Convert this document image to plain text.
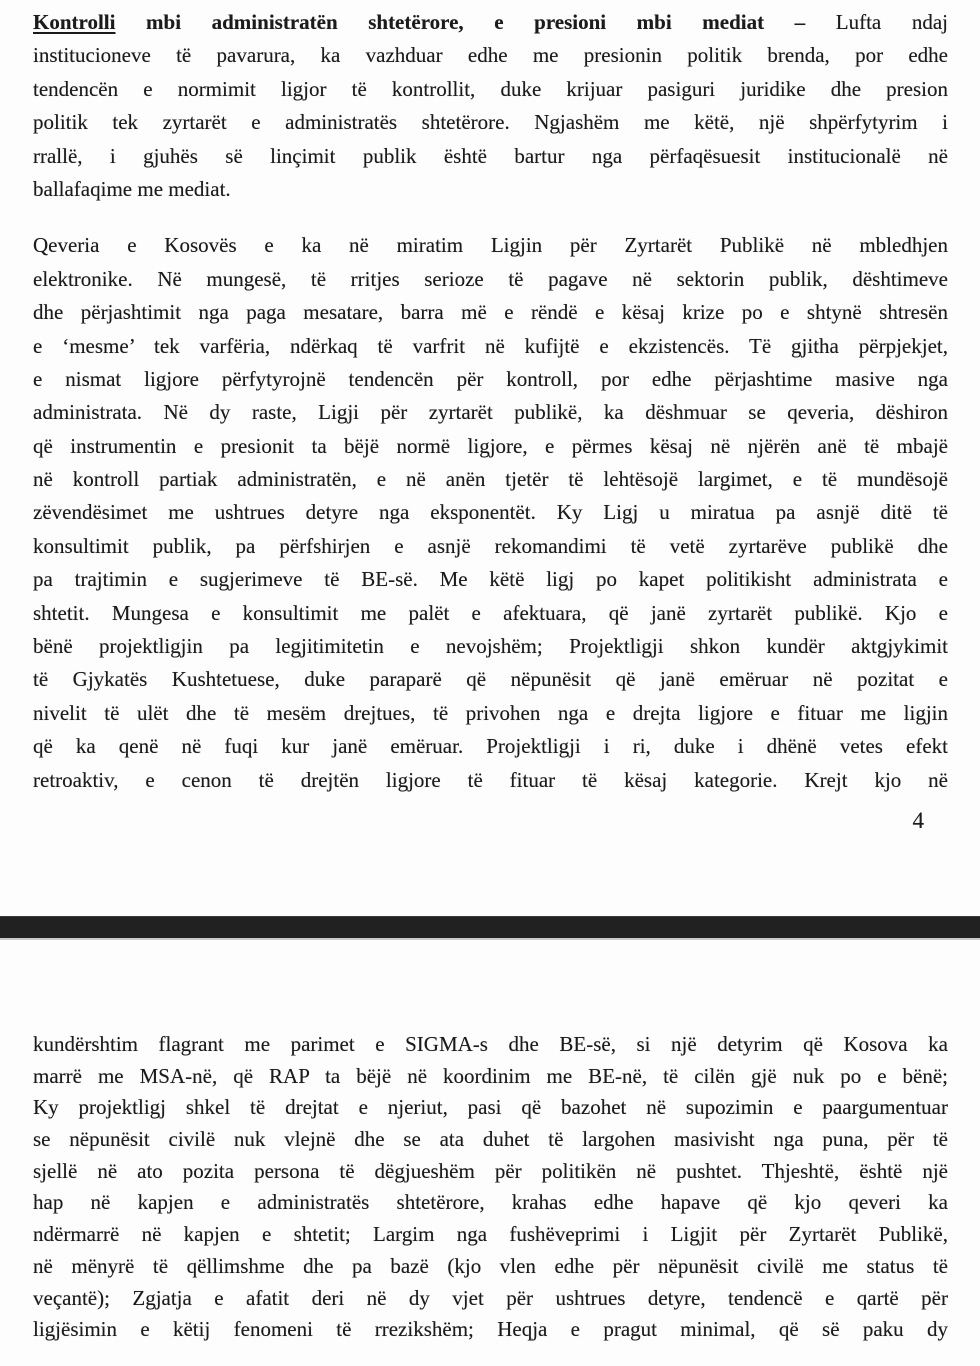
Kontrolli mbi administratën shtetërore, e presioni mbi mediat – Lufta ndaj
institucioneve të pavarura, ka vazhduar edhe me presionin politik brenda, por edhe
tendencën e normimit ligjor të kontrollit, duke krijuar pasiguri juridike dhe presion
politik tek zyrtarët e administratës shtetërore. Ngjashëm me këtë, një shpërfytyrim i
rrallë, i gjuhës së linçimit publik është bartur nga përfaqësuesit institucionalë në
ballafaqime me mediat.
Qeveria e Kosovës e ka në miratim Ligjin për Zyrtarët Publikë në mbledhjen
elektronike. Në mungesë, të rritjes serioze të pagave në sektorin publik, dështimeve
dhe përjashtimit nga paga mesatare, barra më e rëndë e kësaj krize po e shtynë shtresën
e ‘mesme’ tek varfëria, ndërkaq të varfrit në kufijtë e ekzistencës. Të gjitha përpjekjet,
e nismat ligjore përfytyrojnë tendencën për kontroll, por edhe përjashtime masive nga
administrata. Në dy raste, Ligji për zyrtarët publikë, ka dëshmuar se qeveria, dëshiron
që instrumentin e presionit ta bëjë normë ligjore, e përmes kësaj në njërën anë të mbajë
në kontroll partiak administratën, e në anën tjetër të lehtësojë largimet, e të mundësojë
zëvendësimet me ushtrues detyre nga eksponentët. Ky Ligj u miratua pa asnjë ditë të
konsultimit publik, pa përfshirjen e asnjë rekomandimi të vetë zyrtarëve publikë dhe
pa trajtimin e sugjerimeve të BE-së. Me këtë ligj po kapet politikisht administrata e
shtetit. Mungesa e konsultimit me palët e afektuara, që janë zyrtarët publikë. Kjo e
bënë projektligjin pa legjitimitetin e nevojshëm; Projektligji shkon kundër aktgjykimit
të Gjykatës Kushtetuese, duke paraparë që nëpunësit që janë emëruar në pozitat e
nivelit të ulët dhe të mesëm drejtues, të privohen nga e drejta ligjore e fituar me ligjin
që ka qenë në fuqi kur janë emëruar. Projektligji i ri, duke i dhënë vetes efekt
retroaktiv, e cenon të drejtën ligjore të fituar të kësaj kategorie. Krejt kjo në
4
kundërshtim flagrant me parimet e SIGMA-s dhe BE-së, si një detyrim që Kosova ka
marrë me MSA-në, që RAP ta bëjë në koordinim me BE-në, të cilën gjë nuk po e bënë;
Ky projektligj shkel të drejtat e njeriut, pasi që bazohet në supozimin e paargumentuar
se nëpunësit civilë nuk vlejnë dhe se ata duhet të largohen masivisht nga puna, për të
sjellë në ato pozita persona të dëgjueshëm për politikën në pushtet. Thjeshtë, është një
hap në kapjen e administratës shtetërore, krahas edhe hapave që kjo qeveri ka
ndërmarrë në kapjen e shtetit; Largim nga fushëveprimi i Ligjit për Zyrtarët Publikë,
në mënyrë të qëllimshme dhe pa bazë (kjo vlen edhe për nëpunësit civilë me status të
veçantë); Zgjatja e afatit deri në dy vjet për ushtrues detyre, tendencë e qartë për
ligjësimin e këtij fenomeni të rrezikshëm; Heqja e pragut minimal, që së paku dy
